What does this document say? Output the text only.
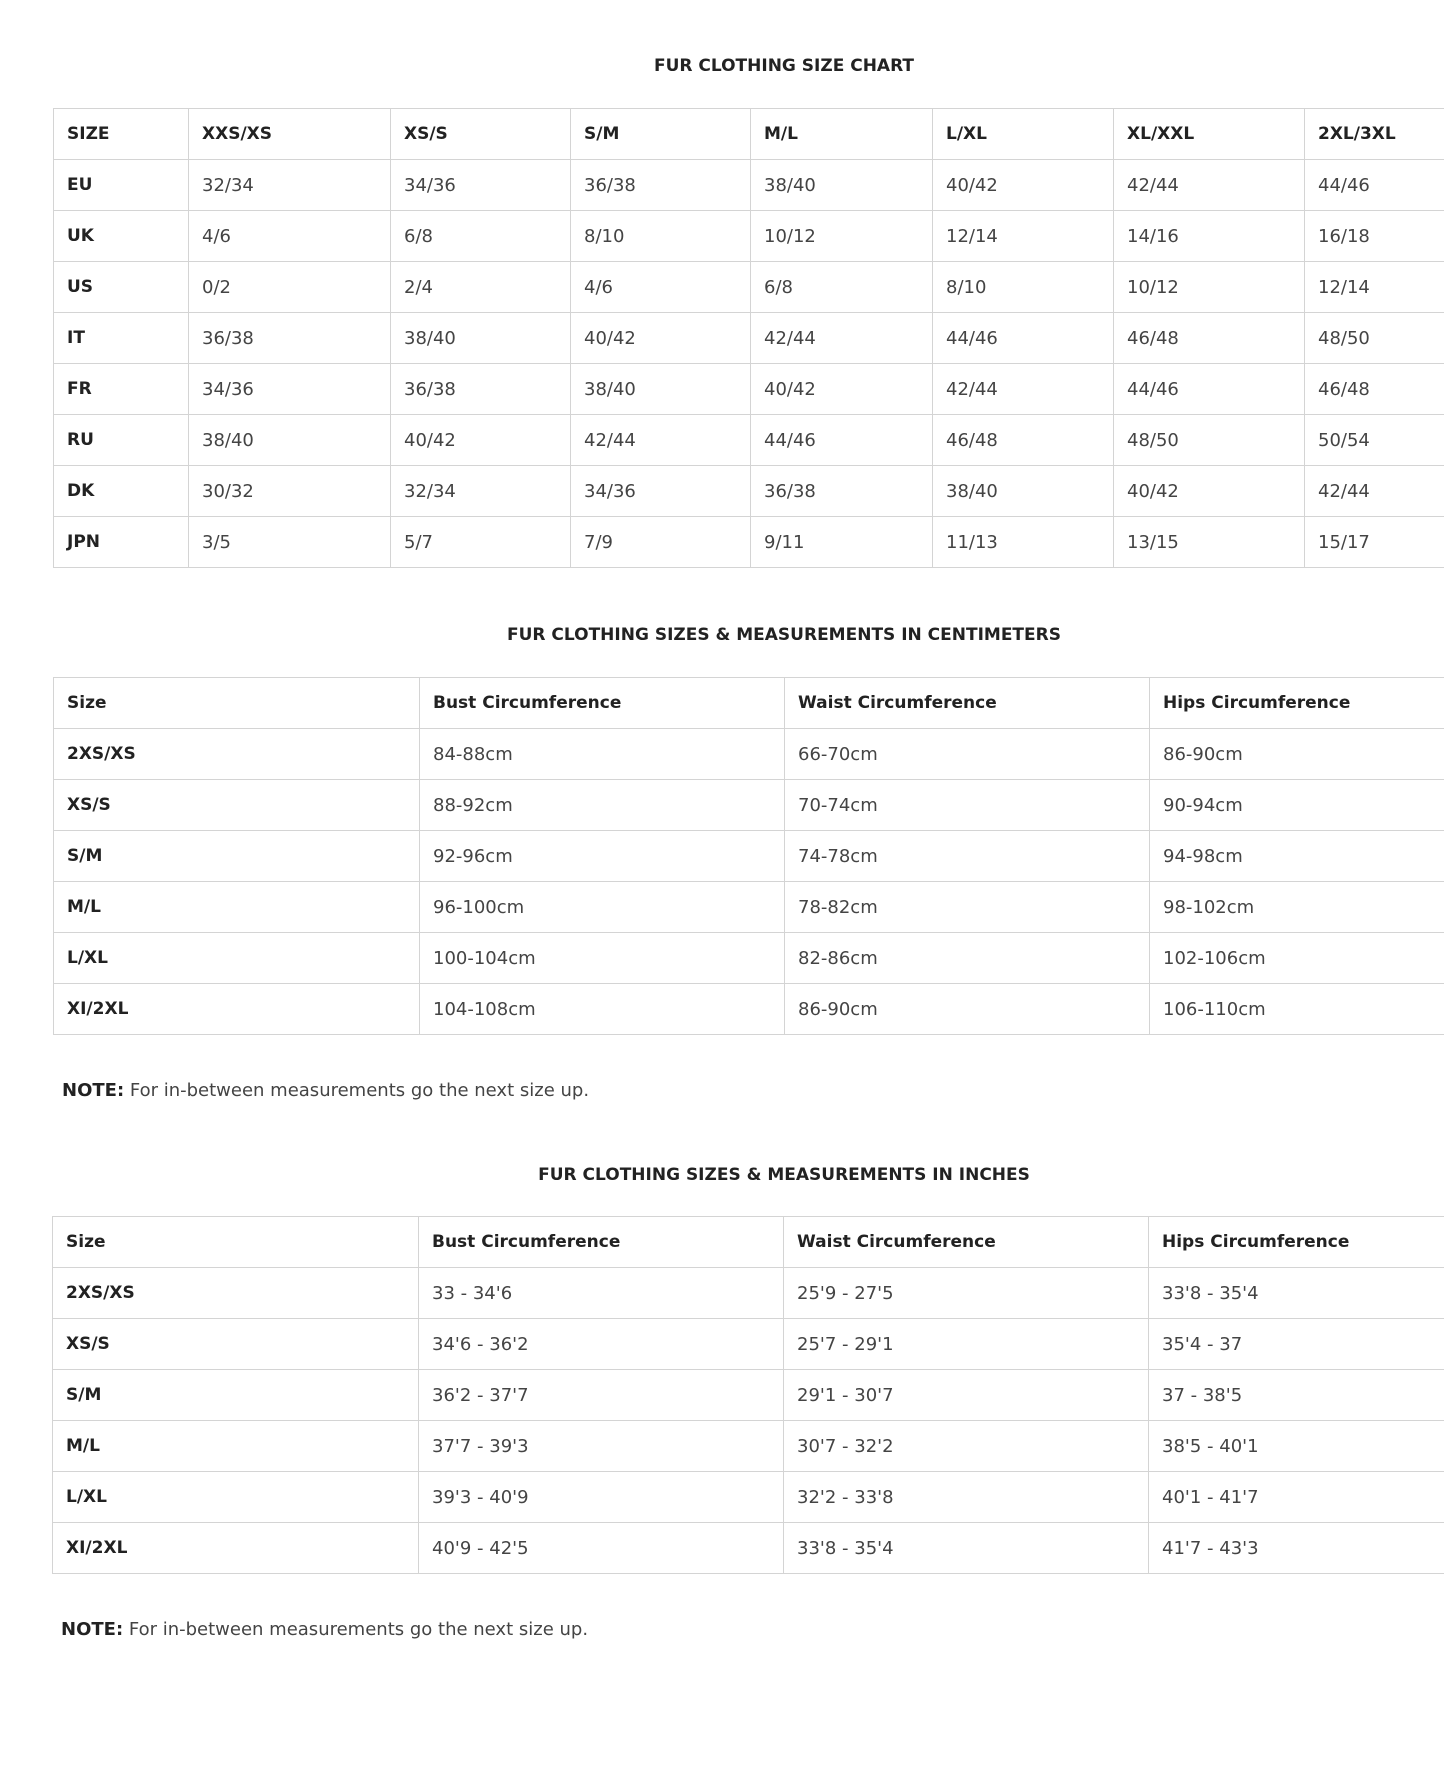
FUR CLOTHING SIZE CHART
SIZE	XXS/XS	XS/S	S/M	M/L	L/XL	XL/XXL	2XL/3XL
EU	32/34	34/36	36/38	38/40	40/42	42/44	44/46
UK	4/6	6/8	8/10	10/12	12/14	14/16	16/18
US	0/2	2/4	4/6	6/8	8/10	10/12	12/14
IT	36/38	38/40	40/42	42/44	44/46	46/48	48/50
FR	34/36	36/38	38/40	40/42	42/44	44/46	46/48
RU	38/40	40/42	42/44	44/46	46/48	48/50	50/54
DK	30/32	32/34	34/36	36/38	38/40	40/42	42/44
JPN	3/5	5/7	7/9	9/11	11/13	13/15	15/17
FUR CLOTHING SIZES & MEASUREMENTS IN CENTIMETERS
Size	Bust Circumference	Waist Circumference	Hips Circumference
2XS/XS	84-88cm	66-70cm	86-90cm
XS/S	88-92cm	70-74cm	90-94cm
S/M	92-96cm	74-78cm	94-98cm
M/L	96-100cm	78-82cm	98-102cm
L/XL	100-104cm	82-86cm	102-106cm
XI/2XL	104-108cm	86-90cm	106-110cm

NOTE: For in-between measurements go the next size up.

FUR CLOTHING SIZES & MEASUREMENTS IN INCHES
Size	Bust Circumference	Waist Circumference	Hips Circumference
2XS/XS	33 - 34'6	25'9 - 27'5	33'8 - 35'4
XS/S	34'6 - 36'2	25'7 - 29'1	35'4 - 37
S/M	36'2 - 37'7	29'1 - 30'7	37 - 38'5
M/L	37'7 - 39'3	30'7 - 32'2	38'5 - 40'1
L/XL	39'3 - 40'9	32'2 - 33'8	40'1 - 41'7
XI/2XL	40'9 - 42'5	33'8 - 35'4	41'7 - 43'3

NOTE: For in-between measurements go the next size up.
